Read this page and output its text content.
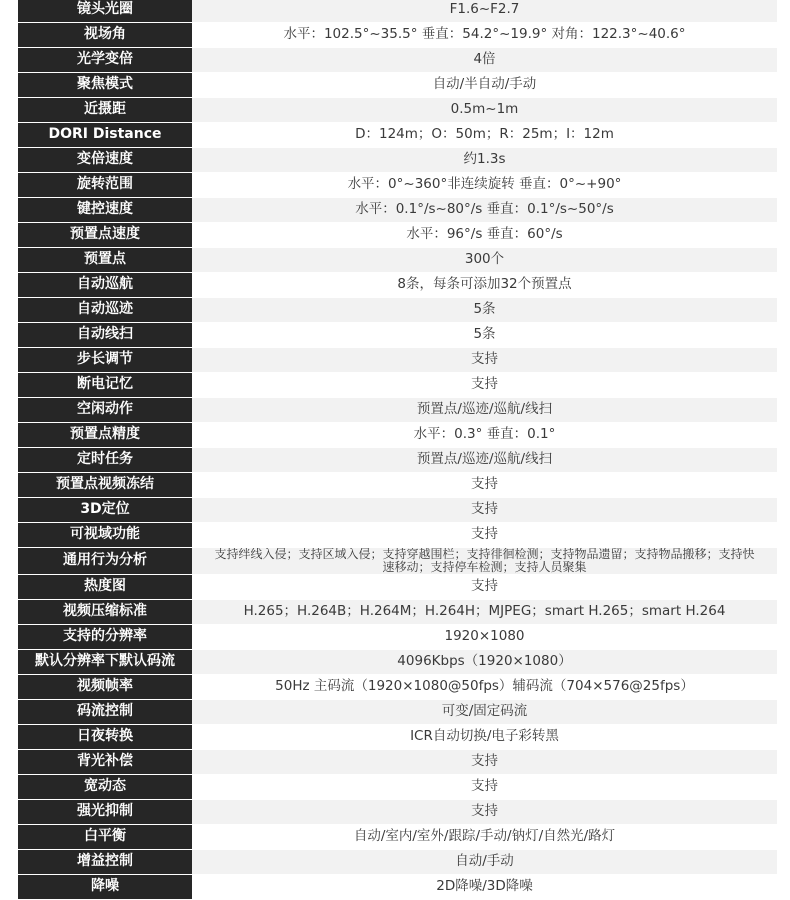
镜头光圈	F1.6~F2.7
视场角	水平：102.5°~35.5° 垂直：54.2°~19.9° 对角：122.3°~40.6°
光学变倍	4倍
聚焦模式	自动/半自动/手动
近摄距	0.5m~1m
DORI Distance	D：124m；O：50m；R：25m；I：12m
变倍速度	约1.3s
旋转范围	水平：0°~360°非连续旋转 垂直：0°~+90°
键控速度	水平：0.1°/s~80°/s 垂直：0.1°/s~50°/s
预置点速度	水平：96°/s 垂直：60°/s
预置点	300个
自动巡航	8条，每条可添加32个预置点
自动巡迹	5条
自动线扫	5条
步长调节	支持
断电记忆	支持
空闲动作	预置点/巡迹/巡航/线扫
预置点精度	水平：0.3° 垂直：0.1°
定时任务	预置点/巡迹/巡航/线扫
预置点视频冻结	支持
3D定位	支持
可视域功能	支持
通用行为分析	支持绊线入侵；支持区域入侵；支持穿越围栏；支持徘徊检测；支持物品遗留；支持物品搬移；支持快速移动；支持停车检测；支持人员聚集
热度图	支持
视频压缩标准	H.265；H.264B；H.264M；H.264H；MJPEG；smart H.265；smart H.264
支持的分辨率	1920×1080
默认分辨率下默认码流	4096Kbps（1920×1080）
视频帧率	50Hz 主码流（1920×1080@50fps）辅码流（704×576@25fps）
码流控制	可变/固定码流
日夜转换	ICR自动切换/电子彩转黑
背光补偿	支持
宽动态	支持
强光抑制	支持
白平衡	自动/室内/室外/跟踪/手动/钠灯/自然光/路灯
增益控制	自动/手动
降噪	2D降噪/3D降噪
